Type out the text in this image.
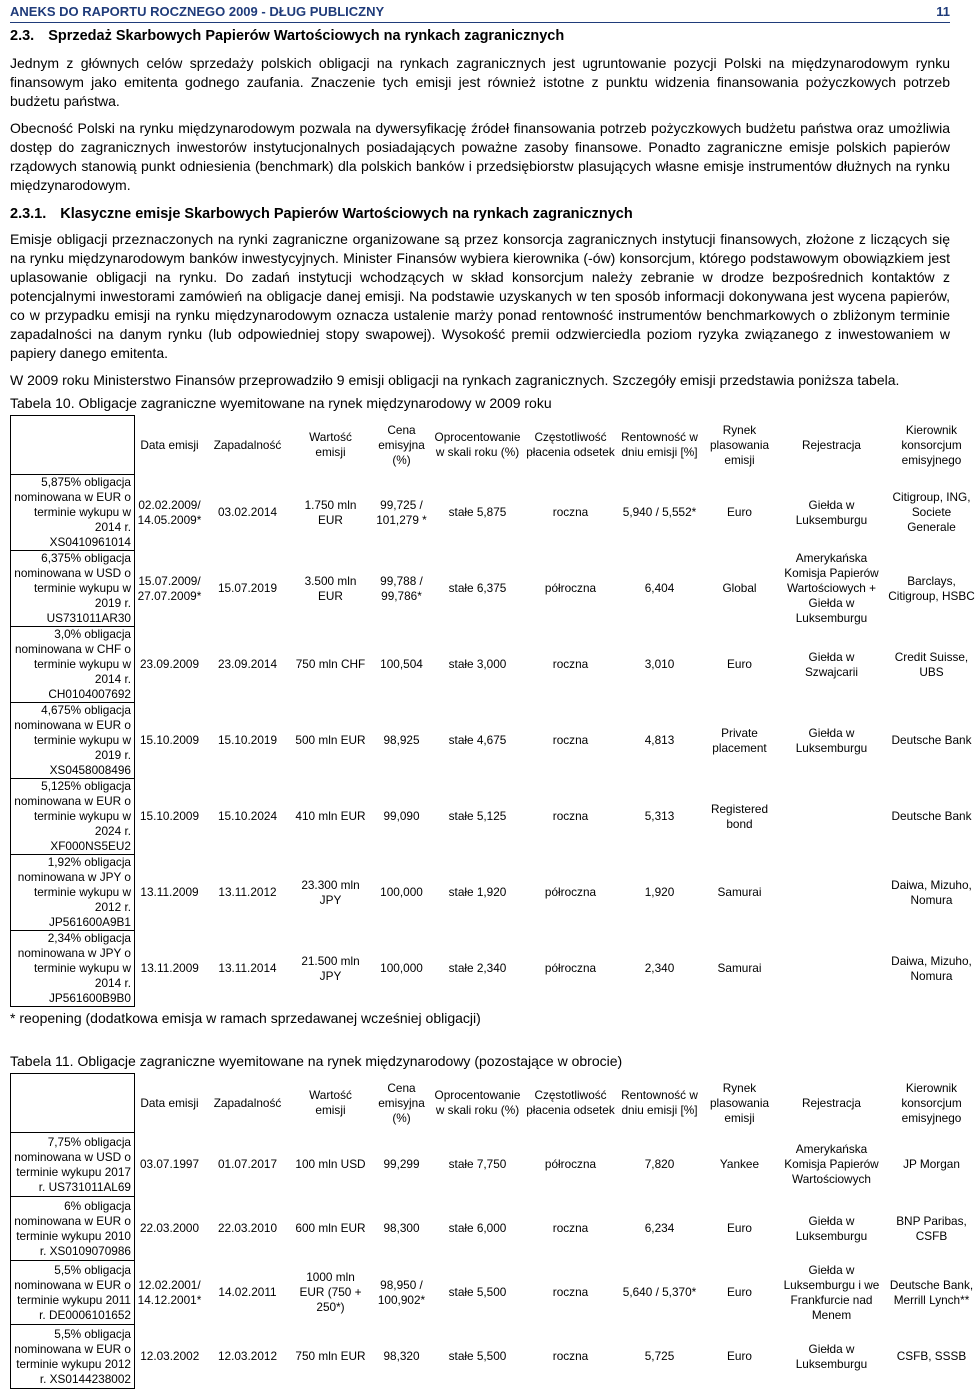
ANEKS DO RAPORTU ROCZNEGO 2009 - DŁUG PUBLICZNY	11
2.3. Sprzedaż Skarbowych Papierów Wartościowych na rynkach zagranicznych

Jednym z głównych celów sprzedaży polskich obligacji na rynkach zagranicznych jest ugruntowanie pozycji Polski na międzynarodowym rynku finansowym jako emitenta godnego zaufania. Znaczenie tych emisji jest również istotne z punktu widzenia finansowania pożyczkowych potrzeb budżetu państwa.

Obecność Polski na rynku międzynarodowym pozwala na dywersyfikację źródeł finansowania potrzeb pożyczkowych budżetu państwa oraz umożliwia dostęp do zagranicznych inwestorów instytucjonalnych posiadających poważne zasoby finansowe. Ponadto zagraniczne emisje polskich papierów rządowych stanowią punkt odniesienia (benchmark) dla polskich banków i przedsiębiorstw plasujących własne emisje instrumentów dłużnych na rynku międzynarodowym.

2.3.1. Klasyczne emisje Skarbowych Papierów Wartościowych na rynkach zagranicznych

Emisje obligacji przeznaczonych na rynki zagraniczne organizowane są przez konsorcja zagranicznych instytucji finansowych, złożone z liczących się na rynku międzynarodowym banków inwestycyjnych. Minister Finansów wybiera kierownika (-ów) konsorcjum, którego podstawowym obowiązkiem jest uplasowanie obligacji na rynku. Do zadań instytucji wchodzących w skład konsorcjum należy zebranie w drodze bezpośrednich kontaktów z potencjalnymi inwestorami zamówień na obligacje danej emisji. Na podstawie uzyskanych w ten sposób informacji dokonywana jest wycena papierów, co w przypadku emisji na rynku międzynarodowym oznacza ustalenie marży ponad rentowność instrumentów benchmarkowych o zbliżonym terminie zapadalności na danym rynku (lub odpowiedniej stopy swapowej). Wysokość premii odzwierciedla poziom ryzyka związanego z inwestowaniem w papiery danego emitenta.

W 2009 roku Ministerstwo Finansów przeprowadziło 9 emisji obligacji na rynkach zagranicznych. Szczegóły emisji przedstawia poniższa tabela.

Tabela 10. Obligacje zagraniczne wyemitowane na rynek międzynarodowy w 2009 roku
	Data emisji	Zapadalność	Wartość emisji	Cena emisyjna (%)	Oprocentowanie w skali roku (%)	Częstotliwość płacenia odsetek	Rentowność w dniu emisji [%]	Rynek plasowania emisji	Rejestracja	Kierownik konsorcjum emisyjnego
5,875% obligacja nominowana w EUR o terminie wykupu w 2014 r. XS0410961014	02.02.2009/ 14.05.2009*	03.02.2014	1.750 mln EUR	99,725 / 101,279 *	stałe 5,875	roczna	5,940 / 5,552*	Euro	Giełda w Luksemburgu	Citigroup, ING, Societe Generale
6,375% obligacja nominowana w USD o terminie wykupu w 2019 r. US731011AR30	15.07.2009/ 27.07.2009*	15.07.2019	3.500 mln EUR	99,788 / 99,786*	stałe 6,375	półroczna	6,404	Global	Amerykańska Komisja Papierów Wartościowych + Giełda w Luksemburgu	Barclays, Citigroup, HSBC
3,0% obligacja nominowana w CHF o terminie wykupu w 2014 r. CH0104007692	23.09.2009	23.09.2014	750 mln CHF	100,504	stałe 3,000	roczna	3,010	Euro	Giełda w Szwajcarii	Credit Suisse, UBS
4,675% obligacja nominowana w EUR o terminie wykupu w 2019 r. XS0458008496	15.10.2009	15.10.2019	500 mln EUR	98,925	stałe 4,675	roczna	4,813	Private placement	Giełda w Luksemburgu	Deutsche Bank
5,125% obligacja nominowana w EUR o terminie wykupu w 2024 r. XF000NS5EU2	15.10.2009	15.10.2024	410 mln EUR	99,090	stałe 5,125	roczna	5,313	Registered bond		Deutsche Bank
1,92% obligacja nominowana w JPY o terminie wykupu w 2012 r. JP561600A9B1	13.11.2009	13.11.2012	23.300 mln JPY	100,000	stałe 1,920	półroczna	1,920	Samurai		Daiwa, Mizuho, Nomura
2,34% obligacja nominowana w JPY o terminie wykupu w 2014 r. JP561600B9B0	13.11.2009	13.11.2014	21.500 mln JPY	100,000	stałe 2,340	półroczna	2,340	Samurai		Daiwa, Mizuho, Nomura
* reopening (dodatkowa emisja w ramach sprzedawanej wcześniej obligacji)
Tabela 11. Obligacje zagraniczne wyemitowane na rynek międzynarodowy (pozostające w obrocie)
	Data emisji	Zapadalność	Wartość emisji	Cena emisyjna (%)	Oprocentowanie w skali roku (%)	Częstotliwość płacenia odsetek	Rentowność w dniu emisji [%]	Rynek plasowania emisji	Rejestracja	Kierownik konsorcjum emisyjnego
7,75% obligacja nominowana w USD o terminie wykupu 2017 r. US731011AL69	03.07.1997	01.07.2017	100 mln USD	99,299	stałe 7,750	półroczna	7,820	Yankee	Amerykańska Komisja Papierów Wartościowych	JP Morgan
6% obligacja nominowana w EUR o terminie wykupu 2010 r. XS0109070986	22.03.2000	22.03.2010	600 mln EUR	98,300	stałe 6,000	roczna	6,234	Euro	Giełda w Luksemburgu	BNP Paribas, CSFB
5,5% obligacja nominowana w EUR o terminie wykupu 2011 r. DE0006101652	12.02.2001/ 14.12.2001*	14.02.2011	1000 mln EUR (750 + 250*)	98,950 / 100,902*	stałe 5,500	roczna	5,640 / 5,370*	Euro	Giełda w Luksemburgu i we Frankfurcie nad Menem	Deutsche Bank, Merrill Lynch**
5,5% obligacja nominowana w EUR o terminie wykupu 2012 r. XS0144238002	12.03.2002	12.03.2012	750 mln EUR	98,320	stałe 5,500	roczna	5,725	Euro	Giełda w Luksemburgu	CSFB, SSSB
